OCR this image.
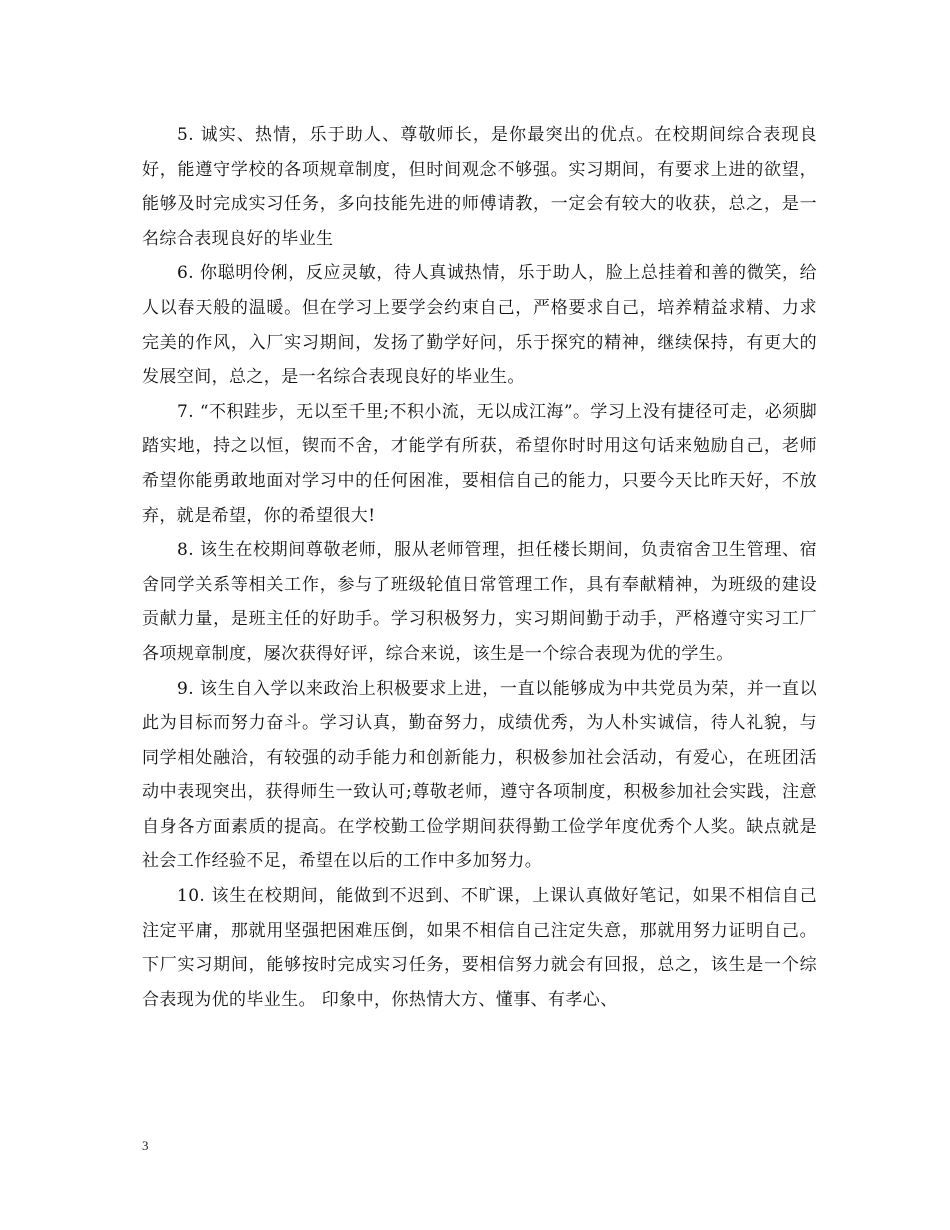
5. 诚实、热情，乐于助人、尊敬师长，是你最突出的优点。在校期间综合表现良好，能遵守学校的各项规章制度，但时间观念不够强。实习期间，有要求上进的欲望，能够及时完成实习任务，多向技能先进的师傅请教，一定会有较大的收获，总之，是一名综合表现良好的毕业生

6. 你聪明伶俐，反应灵敏，待人真诚热情，乐于助人，脸上总挂着和善的微笑，给人以春天般的温暖。但在学习上要学会约束自己，严格要求自己，培养精益求精、力求完美的作风，入厂实习期间，发扬了勤学好问，乐于探究的精神，继续保持，有更大的发展空间，总之，是一名综合表现良好的毕业生。

7. “不积跬步，无以至千里;不积小流，无以成江海”。学习上没有捷径可走，必须脚踏实地，持之以恒，锲而不舍，才能学有所获，希望你时时用这句话来勉励自己，老师希望你能勇敢地面对学习中的任何困准，要相信自己的能力，只要今天比昨天好，不放弃，就是希望，你的希望很大!

8. 该生在校期间尊敬老师，服从老师管理，担任楼长期间，负责宿舍卫生管理、宿舍同学关系等相关工作，参与了班级轮值日常管理工作，具有奉献精神，为班级的建设贡献力量，是班主任的好助手。学习积极努力，实习期间勤于动手，严格遵守实习工厂各项规章制度，屡次获得好评，综合来说，该生是一个综合表现为优的学生。

9. 该生自入学以来政治上积极要求上进，一直以能够成为中共党员为荣，并一直以此为目标而努力奋斗。学习认真，勤奋努力，成绩优秀，为人朴实诚信，待人礼貌，与同学相处融洽，有较强的动手能力和创新能力，积极参加社会活动，有爱心，在班团活动中表现突出，获得师生一致认可;尊敬老师，遵守各项制度，积极参加社会实践，注意自身各方面素质的提高。在学校勤工俭学期间获得勤工俭学年度优秀个人奖。缺点就是社会工作经验不足，希望在以后的工作中多加努力。

10. 该生在校期间，能做到不迟到、不旷课，上课认真做好笔记，如果不相信自己注定平庸，那就用坚强把困难压倒，如果不相信自己注定失意，那就用努力证明自己。下厂实习期间，能够按时完成实习任务，要相信努力就会有回报，总之，该生是一个综合表现为优的毕业生。 印象中，你热情大方、懂事、有孝心、

3
